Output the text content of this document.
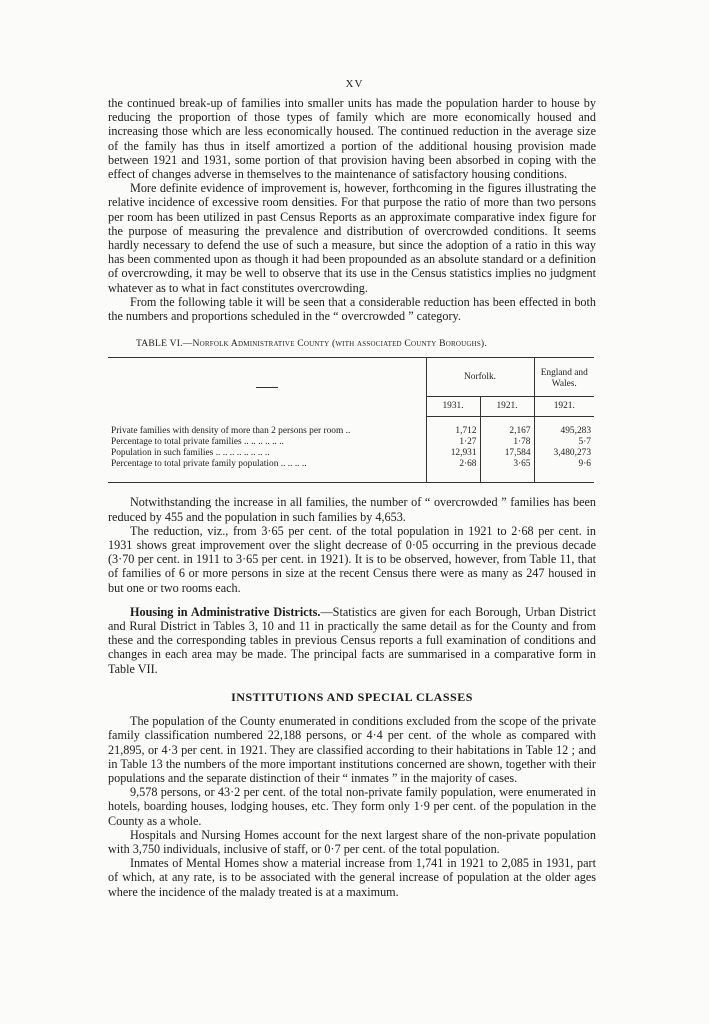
XV

the continued break-up of families into smaller units has made the population harder to house by reducing the proportion of those types of family which are more economically housed and increasing those which are less economically housed. The continued reduction in the average size of the family has thus in itself amortized a portion of the additional housing provision made between 1921 and 1931, some portion of that provision having been absorbed in coping with the effect of changes adverse in themselves to the maintenance of satisfactory housing conditions.

More definite evidence of improvement is, however, forthcoming in the figures illustrating the relative incidence of excessive room densities. For that purpose the ratio of more than two persons per room has been utilized in past Census Reports as an approximate comparative index figure for the purpose of measuring the prevalence and distribution of overcrowded conditions. It seems hardly necessary to defend the use of such a measure, but since the adoption of a ratio in this way has been commented upon as though it had been propounded as an absolute standard or a definition of overcrowding, it may be well to observe that its use in the Census statistics implies no judgment whatever as to what in fact constitutes overcrowding.

From the following table it will be seen that a considerable reduction has been effected in both the numbers and proportions scheduled in the “ overcrowded ” category.

TABLE VI.—Norfolk Administrative County (with associated County Boroughs).
	Norfolk.		England and Wales.
	1931.	1921.	1921.
Private families with density of more than 2 persons per room ..	1,712	2,167	495,283
Percentage to total private families .. .. .. .. .. ..	1·27	1·78	5·7
Population in such families .. .. .. .. .. .. .. ..	12,931	17,584	3,480,273
Percentage to total private family population .. .. .. ..	2·68	3·65	9·6

Notwithstanding the increase in all families, the number of “ overcrowded ” families has been reduced by 455 and the population in such families by 4,653.

The reduction, viz., from 3·65 per cent. of the total population in 1921 to 2·68 per cent. in 1931 shows great improvement over the slight decrease of 0·05 occurring in the previous decade (3·70 per cent. in 1911 to 3·65 per cent. in 1921). It is to be observed, however, from Table 11, that of families of 6 or more persons in size at the recent Census there were as many as 247 housed in but one or two rooms each.

Housing in Administrative Districts.—Statistics are given for each Borough, Urban District and Rural District in Tables 3, 10 and 11 in practically the same detail as for the County and from these and the corresponding tables in previous Census reports a full examination of conditions and changes in each area may be made. The principal facts are summarised in a comparative form in Table VII.

INSTITUTIONS AND SPECIAL CLASSES

The population of the County enumerated in conditions excluded from the scope of the private family classification numbered 22,188 persons, or 4·4 per cent. of the whole as compared with 21,895, or 4·3 per cent. in 1921. They are classified according to their habitations in Table 12 ; and in Table 13 the numbers of the more important institutions concerned are shown, together with their populations and the separate distinction of their “ inmates ” in the majority of cases.

9,578 persons, or 43·2 per cent. of the total non-private family population, were enumerated in hotels, boarding houses, lodging houses, etc. They form only 1·9 per cent. of the population in the County as a whole.

Hospitals and Nursing Homes account for the next largest share of the non-private population with 3,750 individuals, inclusive of staff, or 0·7 per cent. of the total population.

Inmates of Mental Homes show a material increase from 1,741 in 1921 to 2,085 in 1931, part of which, at any rate, is to be associated with the general increase of population at the older ages where the incidence of the malady treated is at a maximum.
